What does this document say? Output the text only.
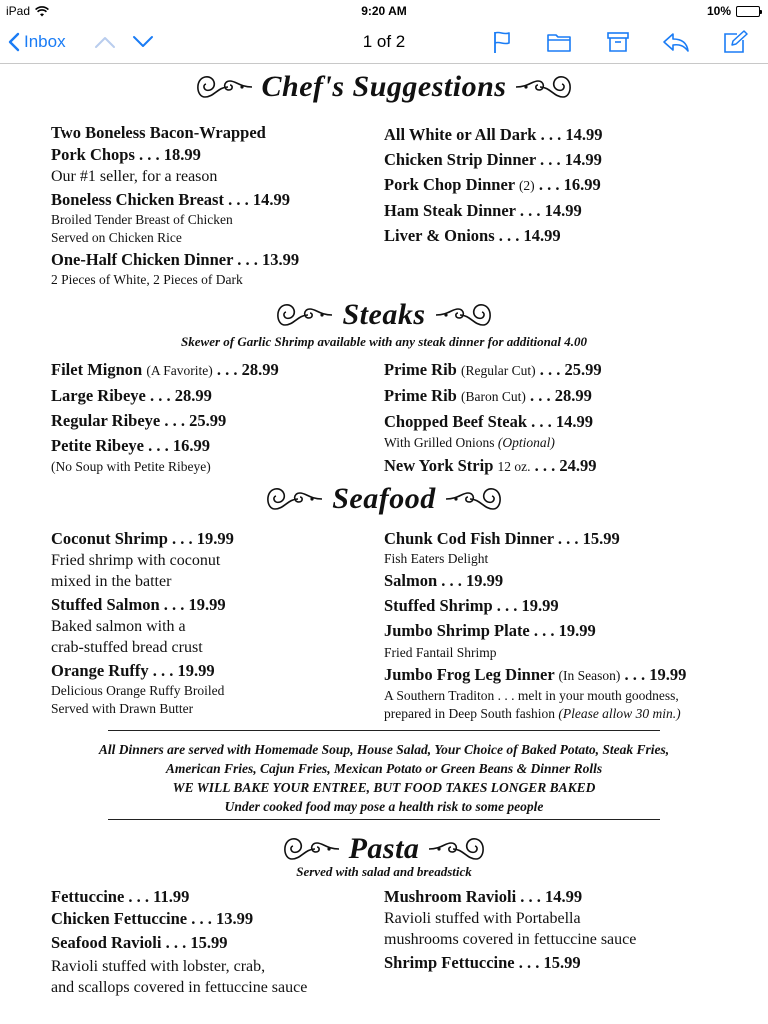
iPad	9:20 AM	10%
Inbox	1 of 2
Chef's Suggestions
Two Boneless Bacon-Wrapped
Pork Chops . . . 18.99
Our #1 seller, for a reason
Boneless Chicken Breast . . . 14.99
Broiled Tender Breast of Chicken
Served on Chicken Rice
One-Half Chicken Dinner . . . 13.99
2 Pieces of White, 2 Pieces of Dark
All White or All Dark . . . 14.99
Chicken Strip Dinner . . . 14.99
Pork Chop Dinner (2) . . . 16.99
Ham Steak Dinner . . . 14.99
Liver & Onions . . . 14.99
Steaks
Skewer of Garlic Shrimp available with any steak dinner for additional 4.00
Filet Mignon (A Favorite) . . . 28.99
Large Ribeye . . . 28.99
Regular Ribeye . . . 25.99
Petite Ribeye . . . 16.99
(No Soup with Petite Ribeye)
Prime Rib (Regular Cut) . . . 25.99
Prime Rib (Baron Cut) . . . 28.99
Chopped Beef Steak . . . 14.99
With Grilled Onions (Optional)
New York Strip 12 oz. . . . 24.99
Seafood
Coconut Shrimp . . . 19.99
Fried shrimp with coconut
mixed in the batter
Stuffed Salmon . . . 19.99
Baked salmon with a
crab-stuffed bread crust
Orange Ruffy . . . 19.99
Delicious Orange Ruffy Broiled
Served with Drawn Butter
Chunk Cod Fish Dinner . . . 15.99
Fish Eaters Delight
Salmon . . . 19.99
Stuffed Shrimp . . . 19.99
Jumbo Shrimp Plate . . . 19.99
Fried Fantail Shrimp
Jumbo Frog Leg Dinner (In Season) . . . 19.99
A Southern Traditon . . . melt in your mouth goodness,
prepared in Deep South fashion (Please allow 30 min.)
All Dinners are served with Homemade Soup, House Salad, Your Choice of Baked Potato, Steak Fries,
American Fries, Cajun Fries, Mexican Potato or Green Beans & Dinner Rolls
WE WILL BAKE YOUR ENTREE, BUT FOOD TAKES LONGER BAKED
Under cooked food may pose a health risk to some people
Pasta
Served with salad and breadstick
Fettuccine . . . 11.99
Chicken Fettuccine . . . 13.99
Seafood Ravioli . . . 15.99
Ravioli stuffed with lobster, crab,
and scallops covered in fettuccine sauce
Mushroom Ravioli . . . 14.99
Ravioli stuffed with Portabella
mushrooms covered in fettuccine sauce
Shrimp Fettuccine . . . 15.99
